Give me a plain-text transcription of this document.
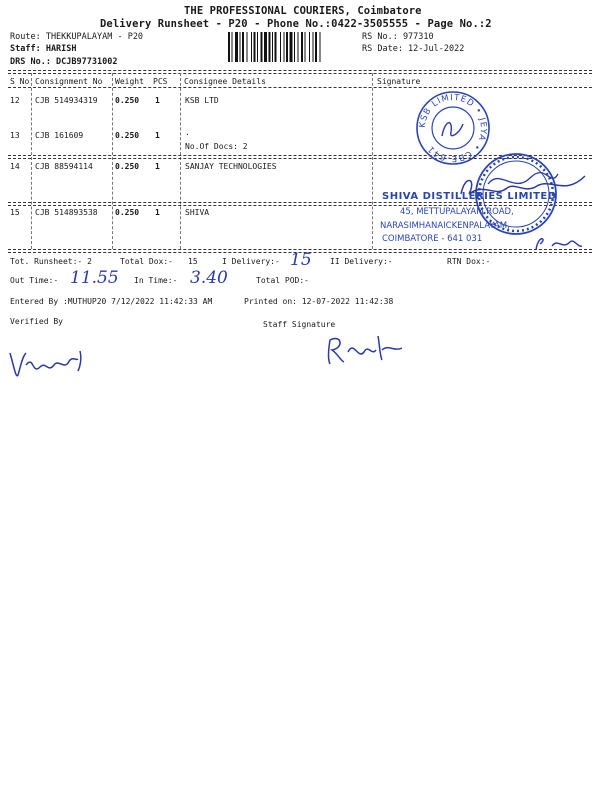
THE PROFESSIONAL COURIERS, Coimbatore
Delivery Runsheet - P20 - Phone No.:0422-3505555 - Page No.:2
Route: THEKKUPALAYAM - P20
Staff: HARISH
DRS No.: DCJB97731002
RS No.: 977310
RS Date: 12-Jul-2022
S No Consignment No Weight PCS Consignee Details	Signature
12 CJB 514934319 0.250 1	KSB LTD
13 CJB 161609	0.250 1	.
No.Of Docs: 2
14 CJB 88594114	0.250 1	SANJAY TECHNOLOGIES
15 CJB 514893538 0.250 1	SHIVA
KSB LIMITED • JEYA • CBE-641
SHIVA DISTILLERIES LIMITED
45, METTUPALAYAM ROAD,
NARASIMHANAICKENPALAYAM,
COIMBATORE - 641 031
Tot. Runsheet:- 2	Total Dox:- 15	I Delivery:- 15 II Delivery:-	RTN Dox:-
Out Time:- 11.55 In Time:- 3.40	Total POD:-
Entered By :MUTHUP20 7/12/2022 11:42:33 AM	Printed on: 12-07-2022 11:42:38
Verified By	Staff Signature
